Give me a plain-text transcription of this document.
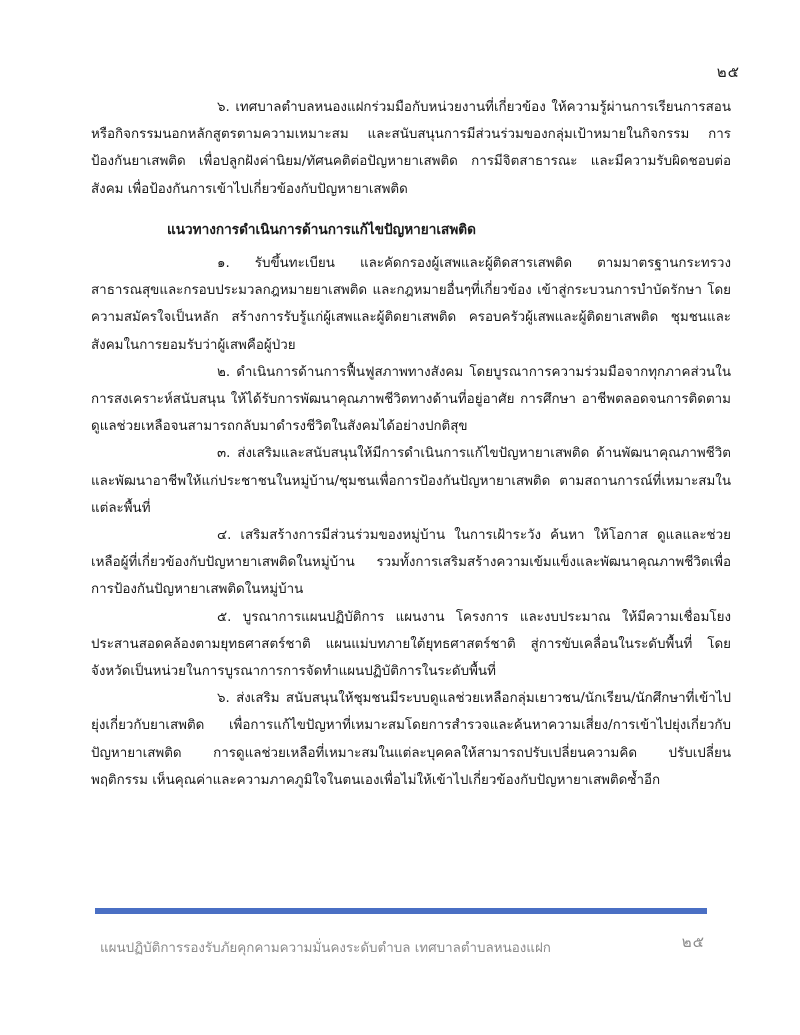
๒๕

๖. เทศบาลตำบลหนองแฝกร่วมมือกับหน่วยงานที่เกี่ยวข้อง ให้ความรู้ผ่านการเรียนการสอนหรือกิจกรรมนอกหลักสูตรตามความเหมาะสม และสนับสนุนการมีส่วนร่วมของกลุ่มเป้าหมายในกิจกรรม การป้องกันยาเสพติด เพื่อปลูกฝังค่านิยม/ทัศนคติต่อปัญหายาเสพติด การมีจิตสาธารณะ และมีความรับผิดชอบต่อสังคม เพื่อป้องกันการเข้าไปเกี่ยวข้องกับปัญหายาเสพติด

แนวทางการดำเนินการด้านการแก้ไขปัญหายาเสพติด

๑. รับขึ้นทะเบียน และคัดกรองผู้เสพและผู้ติดสารเสพติด ตามมาตรฐานกระทรวงสาธารณสุขและกรอบประมวลกฎหมายยาเสพติด และกฎหมายอื่นๆที่เกี่ยวข้อง เข้าสู่กระบวนการบำบัดรักษา โดยความสมัครใจเป็นหลัก สร้างการรับรู้แก่ผู้เสพและผู้ติดยาเสพติด ครอบครัวผู้เสพและผู้ติดยาเสพติด ชุมชนและสังคมในการยอมรับว่าผู้เสพคือผู้ป่วย

๒. ดำเนินการด้านการฟื้นฟูสภาพทางสังคม โดยบูรณาการความร่วมมือจากทุกภาคส่วนในการสงเคราะห์สนับสนุน ให้ได้รับการพัฒนาคุณภาพชีวิตทางด้านที่อยู่อาศัย การศึกษา อาชีพตลอดจนการติดตามดูแลช่วยเหลือจนสามารถกลับมาดำรงชีวิตในสังคมได้อย่างปกติสุข

๓. ส่งเสริมและสนับสนุนให้มีการดำเนินการแก้ไขปัญหายาเสพติด ด้านพัฒนาคุณภาพชีวิตและพัฒนาอาชีพให้แก่ประชาชนในหมู่บ้าน/ชุมชนเพื่อการป้องกันปัญหายาเสพติด ตามสถานการณ์ที่เหมาะสมในแต่ละพื้นที่

๔. เสริมสร้างการมีส่วนร่วมของหมู่บ้าน ในการเฝ้าระวัง ค้นหา ให้โอกาส ดูแลและช่วยเหลือผู้ที่เกี่ยวข้องกับปัญหายาเสพติดในหมู่บ้าน รวมทั้งการเสริมสร้างความเข้มแข็งและพัฒนาคุณภาพชีวิตเพื่อการป้องกันปัญหายาเสพติดในหมู่บ้าน

๕. บูรณาการแผนปฏิบัติการ แผนงาน โครงการ และงบประมาณ ให้มีความเชื่อมโยงประสานสอดคล้องตามยุทธศาสตร์ชาติ แผนแม่บทภายใต้ยุทธศาสตร์ชาติ สู่การขับเคลื่อนในระดับพื้นที่ โดยจังหวัดเป็นหน่วยในการบูรณาการการจัดทำแผนปฏิบัติการในระดับพื้นที่

๖. ส่งเสริม สนับสนุนให้ชุมชนมีระบบดูแลช่วยเหลือกลุ่มเยาวชน/นักเรียน/นักศึกษาที่เข้าไปยุ่งเกี่ยวกับยาเสพติด เพื่อการแก้ไขปัญหาที่เหมาะสมโดยการสำรวจและค้นหาความเสี่ยง/การเข้าไปยุ่งเกี่ยวกับปัญหายาเสพติด การดูแลช่วยเหลือที่เหมาะสมในแต่ละบุคคลให้สามารถปรับเปลี่ยนความคิด ปรับเปลี่ยนพฤติกรรม เห็นคุณค่าและความภาคภูมิใจในตนเองเพื่อไม่ให้เข้าไปเกี่ยวข้องกับปัญหายาเสพติดซ้ำอีก

แผนปฏิบัติการรองรับภัยคุกคามความมั่นคงระดับตำบล เทศบาลตำบลหนองแฝก	๒๕
